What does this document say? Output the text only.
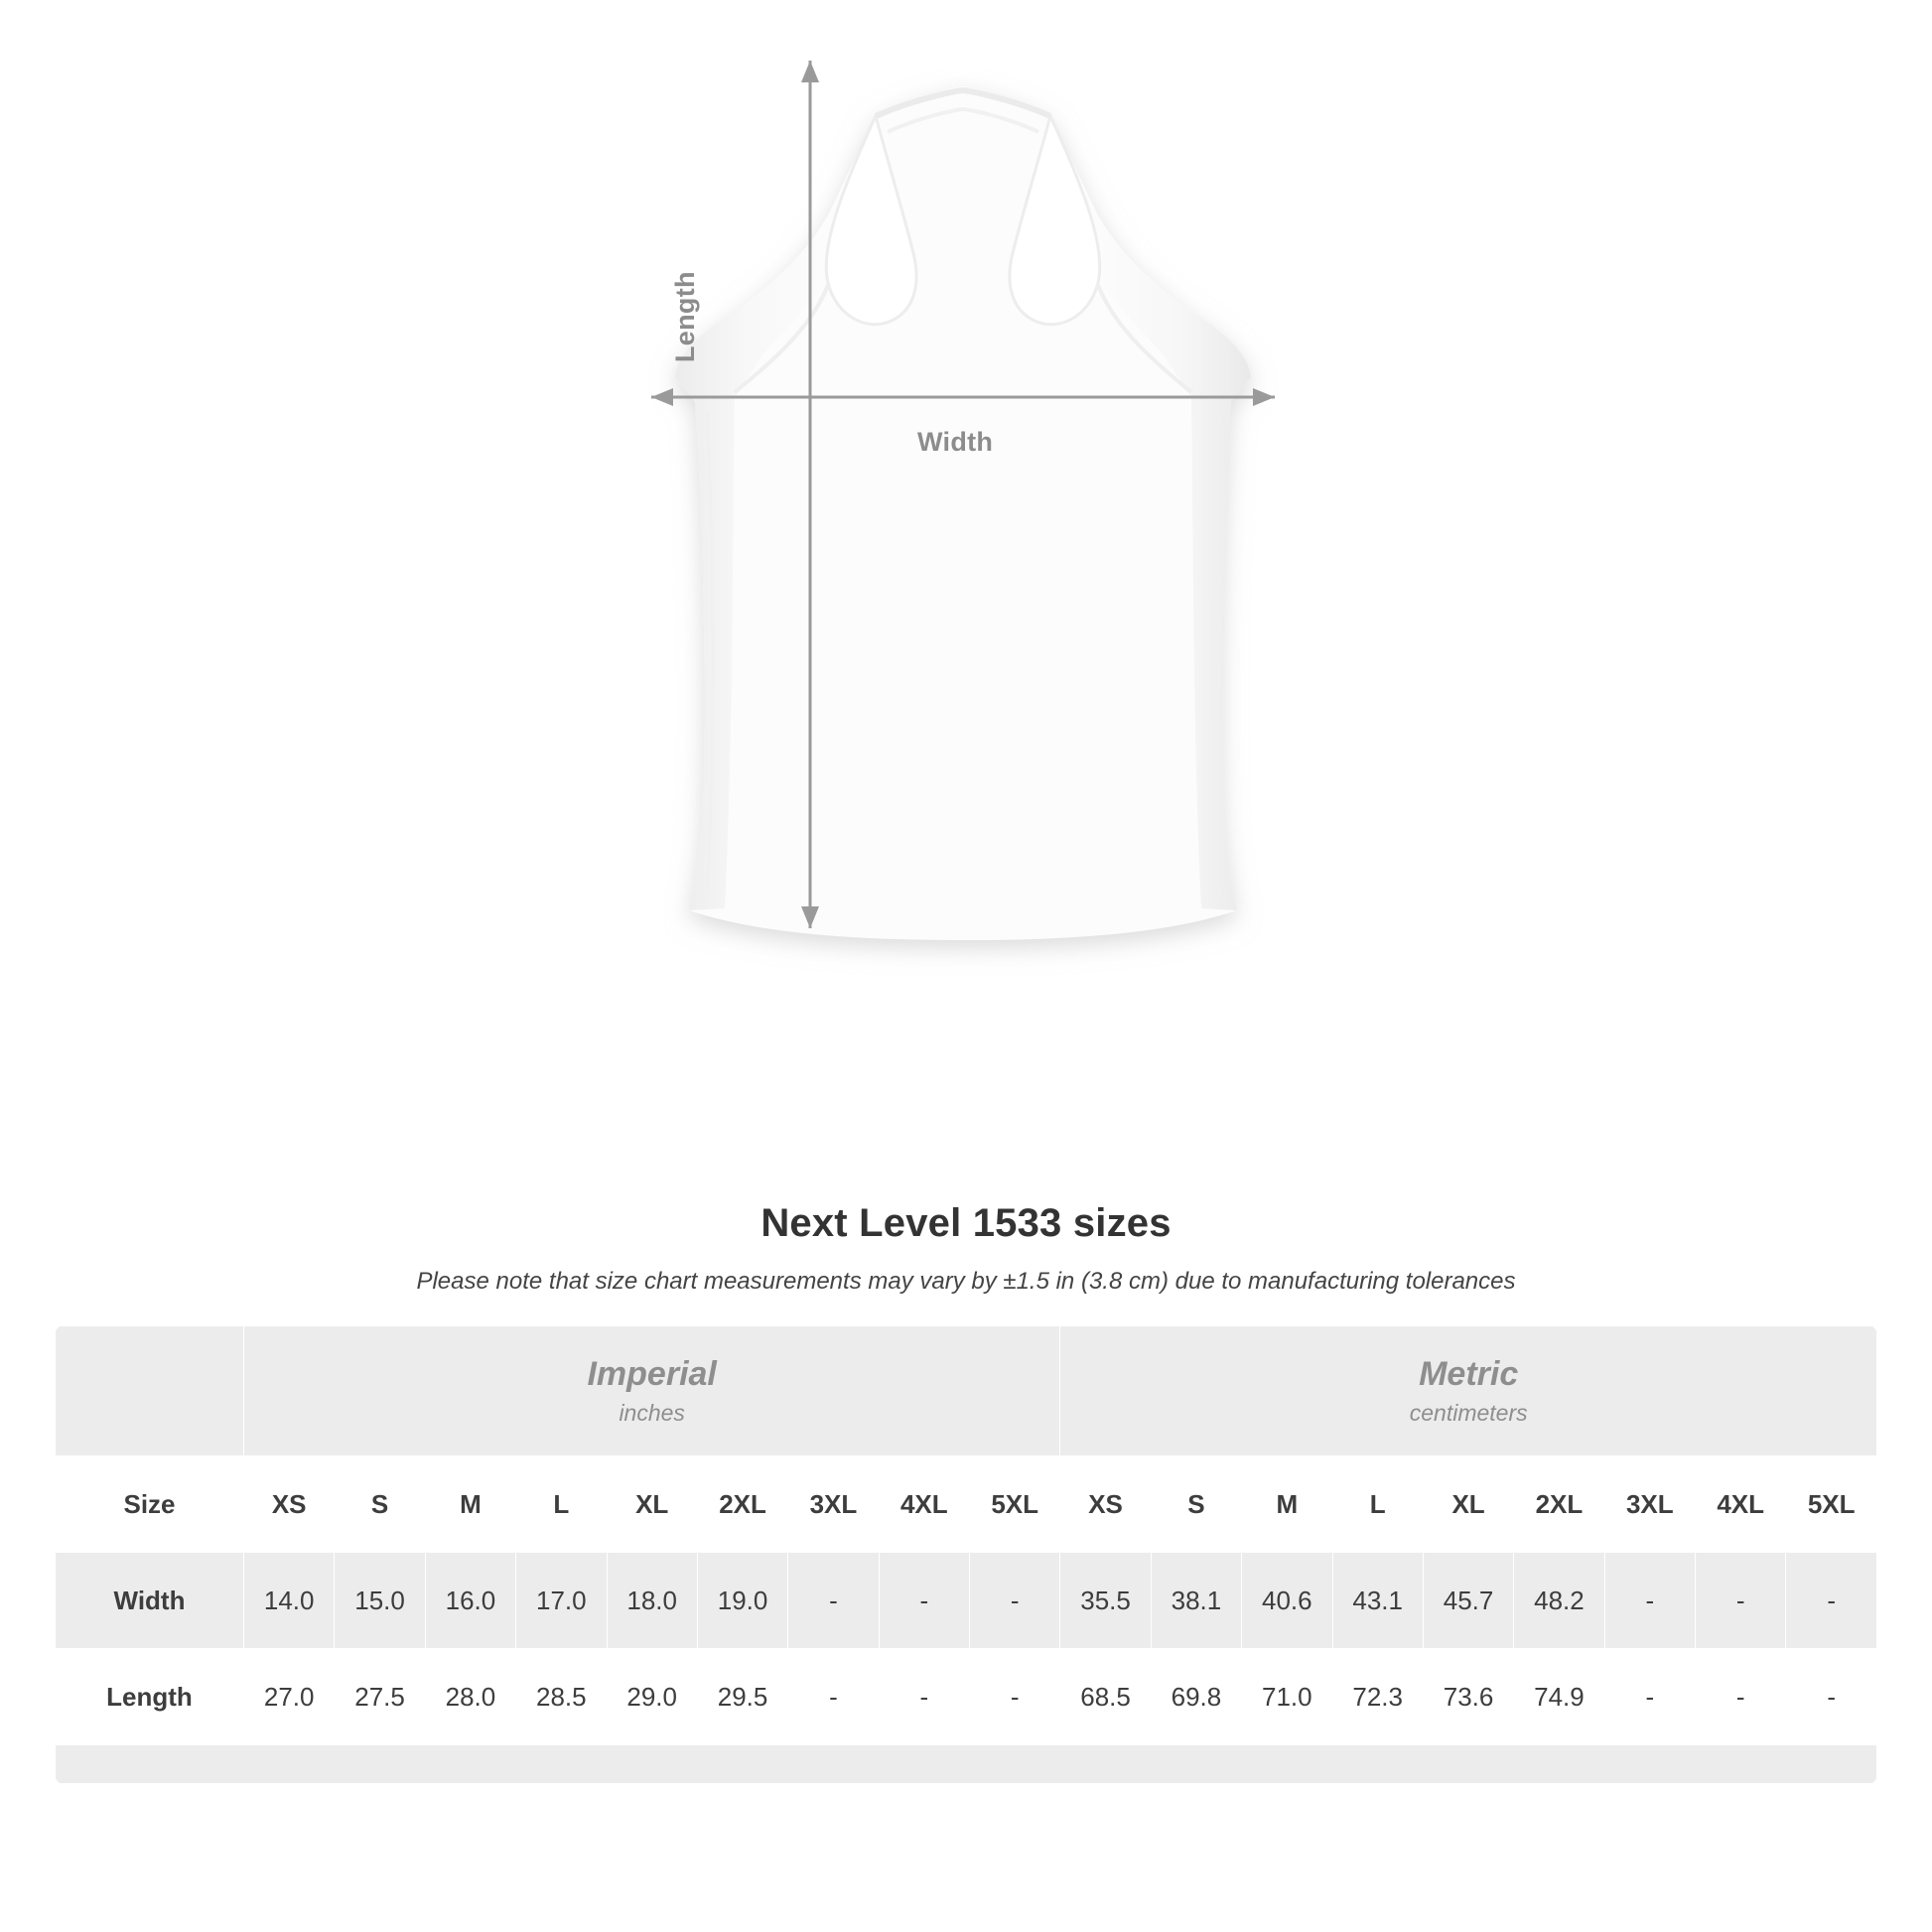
Width
Length
Next Level 1533 sizes
Please note that size chart measurements may vary by ±1.5 in (3.8 cm) due to manufacturing tolerances

Imperial
inches

Metric
centimeters

Size	XS	S	M	L	XL	2XL	3XL	4XL	5XL	XS	S	M	L	XL	2XL	3XL	4XL	5XL
Width	14.0	15.0	16.0	17.0	18.0	19.0	-	-	-	35.5	38.1	40.6	43.1	45.7	48.2	-	-	-
Length	27.0	27.5	28.0	28.5	29.0	29.5	-	-	-	68.5	69.8	71.0	72.3	73.6	74.9	-	-	-
